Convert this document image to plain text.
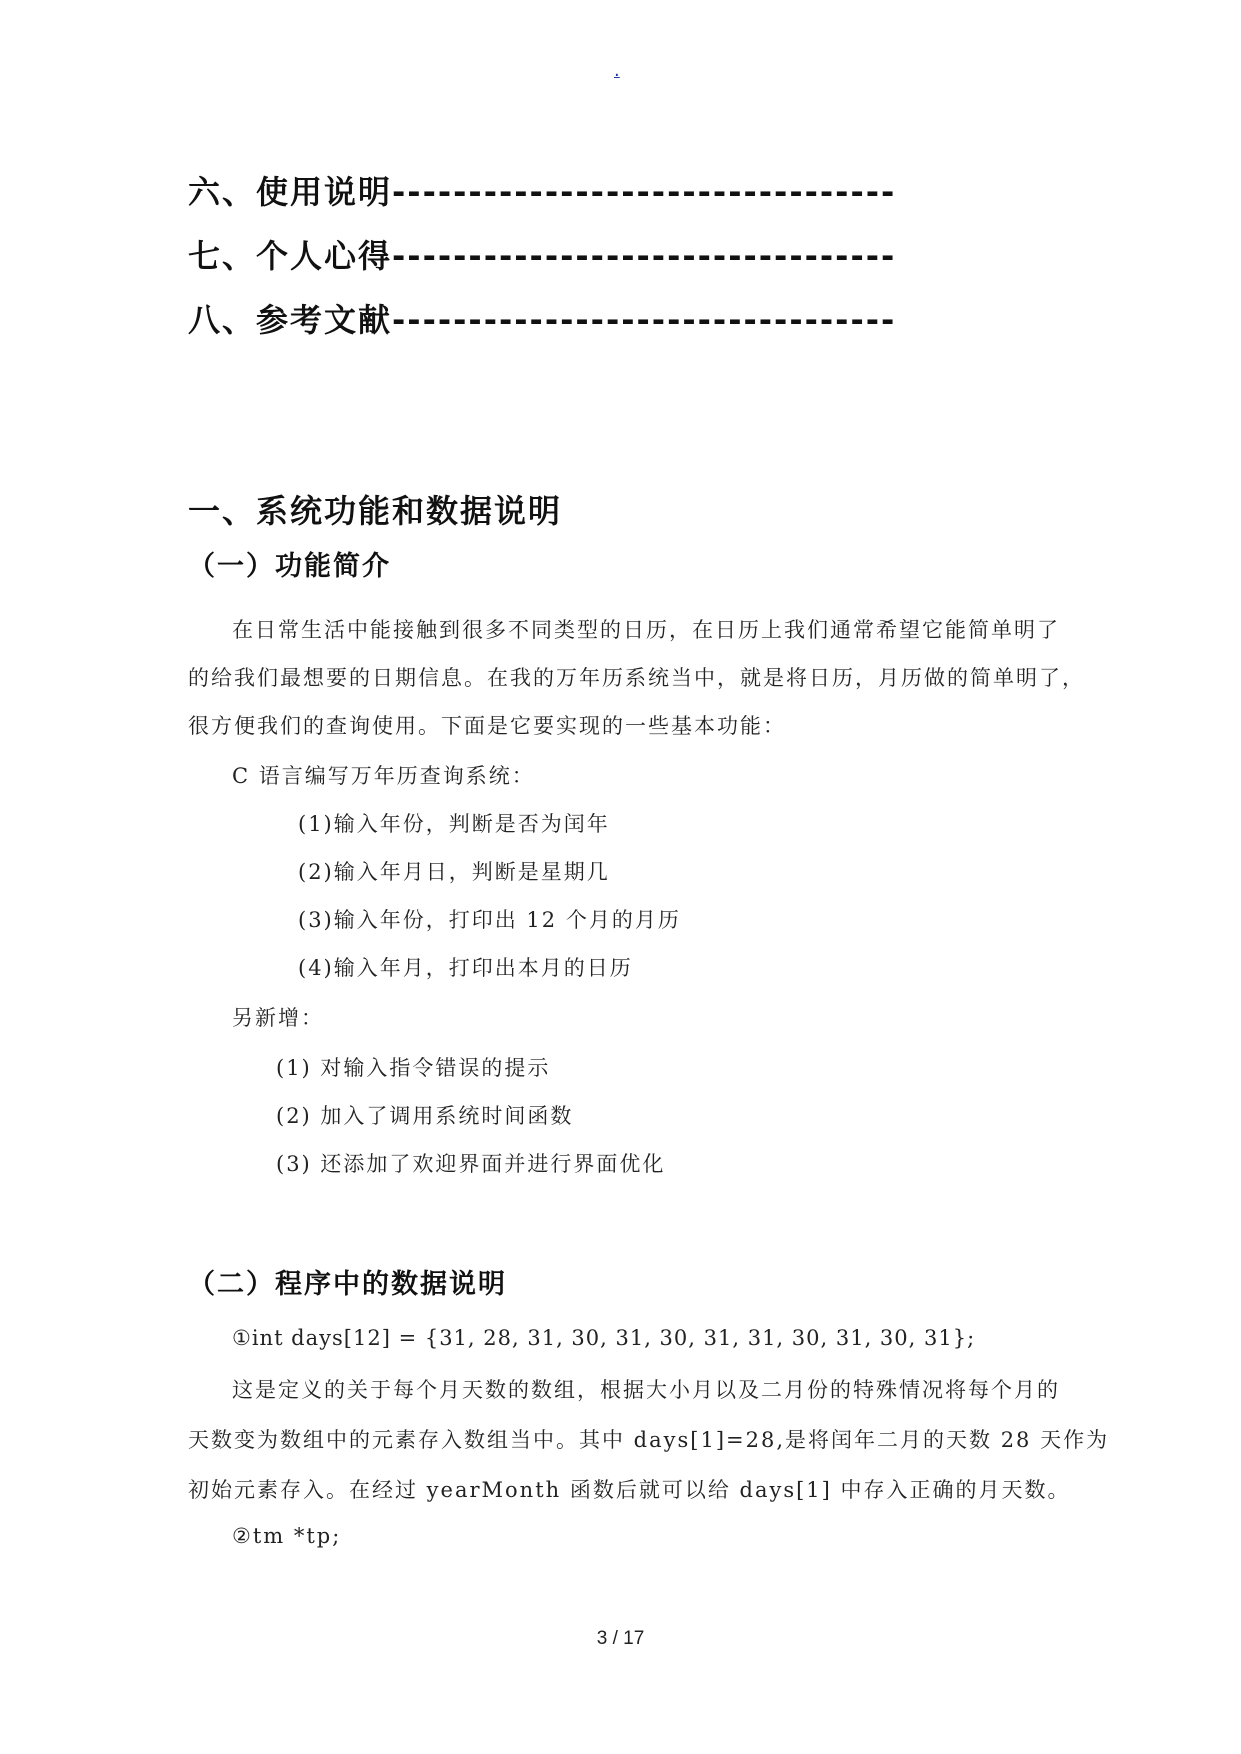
.
六、使用说明---------------------------------
七、个人心得---------------------------------
八、参考文献---------------------------------
一、系统功能和数据说明
（一）功能简介
在日常生活中能接触到很多不同类型的日历，在日历上我们通常希望它能简单明了
的给我们最想要的日期信息。在我的万年历系统当中，就是将日历，月历做的简单明了，
很方便我们的查询使用。下面是它要实现的一些基本功能：
C 语言编写万年历查询系统：
(1)输入年份，判断是否为闰年
(2)输入年月日，判断是星期几
(3)输入年份，打印出 12 个月的月历
(4)输入年月，打印出本月的日历
另新增：
(1) 对输入指令错误的提示
(2) 加入了调用系统时间函数
(3) 还添加了欢迎界面并进行界面优化
（二）程序中的数据说明
①int days[12] = {31, 28, 31, 30, 31, 30, 31, 31, 30, 31, 30, 31};
这是定义的关于每个月天数的数组，根据大小月以及二月份的特殊情况将每个月的
天数变为数组中的元素存入数组当中。其中 days[1]=28,是将闰年二月的天数 28 天作为
初始元素存入。在经过 yearMonth 函数后就可以给 days[1] 中存入正确的月天数。
②tm *tp;
3 / 17
